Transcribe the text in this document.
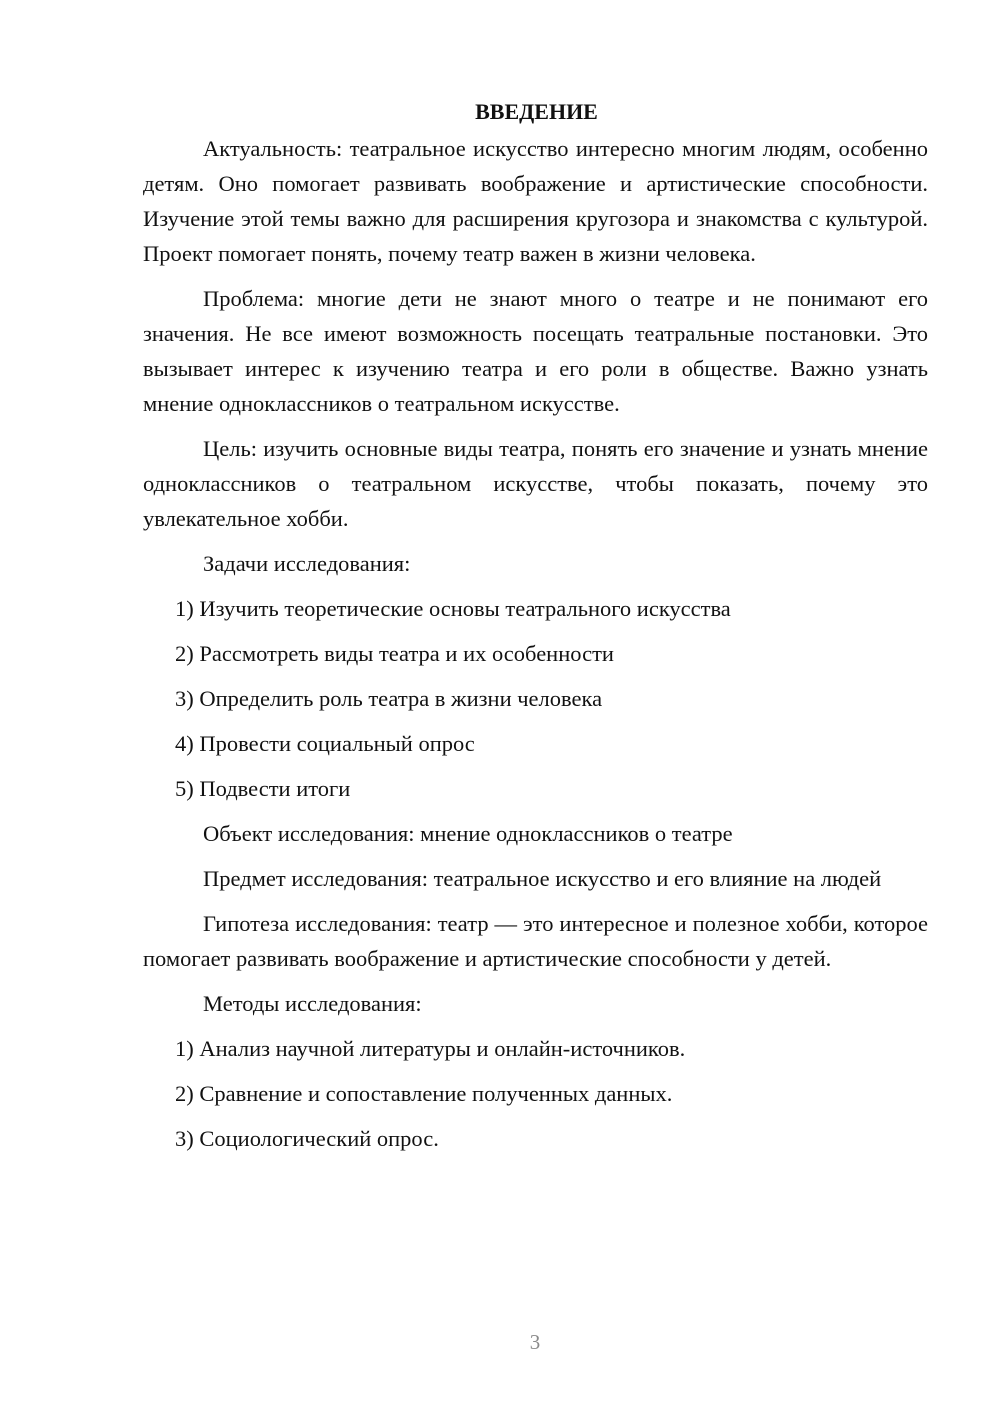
ВВЕДЕНИЕ

Актуальность: театральное искусство интересно многим людям, особенно детям. Оно помогает развивать воображение и артистические способности. Изучение этой темы важно для расширения кругозора и знакомства с культурой. Проект помогает понять, почему театр важен в жизни человека.

Проблема: многие дети не знают много о театре и не понимают его значения. Не все имеют возможность посещать театральные постановки. Это вызывает интерес к изучению театра и его роли в обществе. Важно узнать мнение одноклассников о театральном искусстве.

Цель: изучить основные виды театра, понять его значение и узнать мнение одноклассников о театральном искусстве, чтобы показать, почему это увлекательное хобби.

Задачи исследования:
1) Изучить теоретические основы театрального искусства
2) Рассмотреть виды театра и их особенности
3) Определить роль театра в жизни человека
4) Провести социальный опрос
5) Подвести итоги
Объект исследования: мнение одноклассников о театре

Предмет исследования: театральное искусство и его влияние на людей

Гипотеза исследования: театр — это интересное и полезное хобби, которое помогает развивать воображение и артистические способности у детей.

Методы исследования:
1) Анализ научной литературы и онлайн-источников.
2) Сравнение и сопоставление полученных данных.
3) Социологический опрос.
3
